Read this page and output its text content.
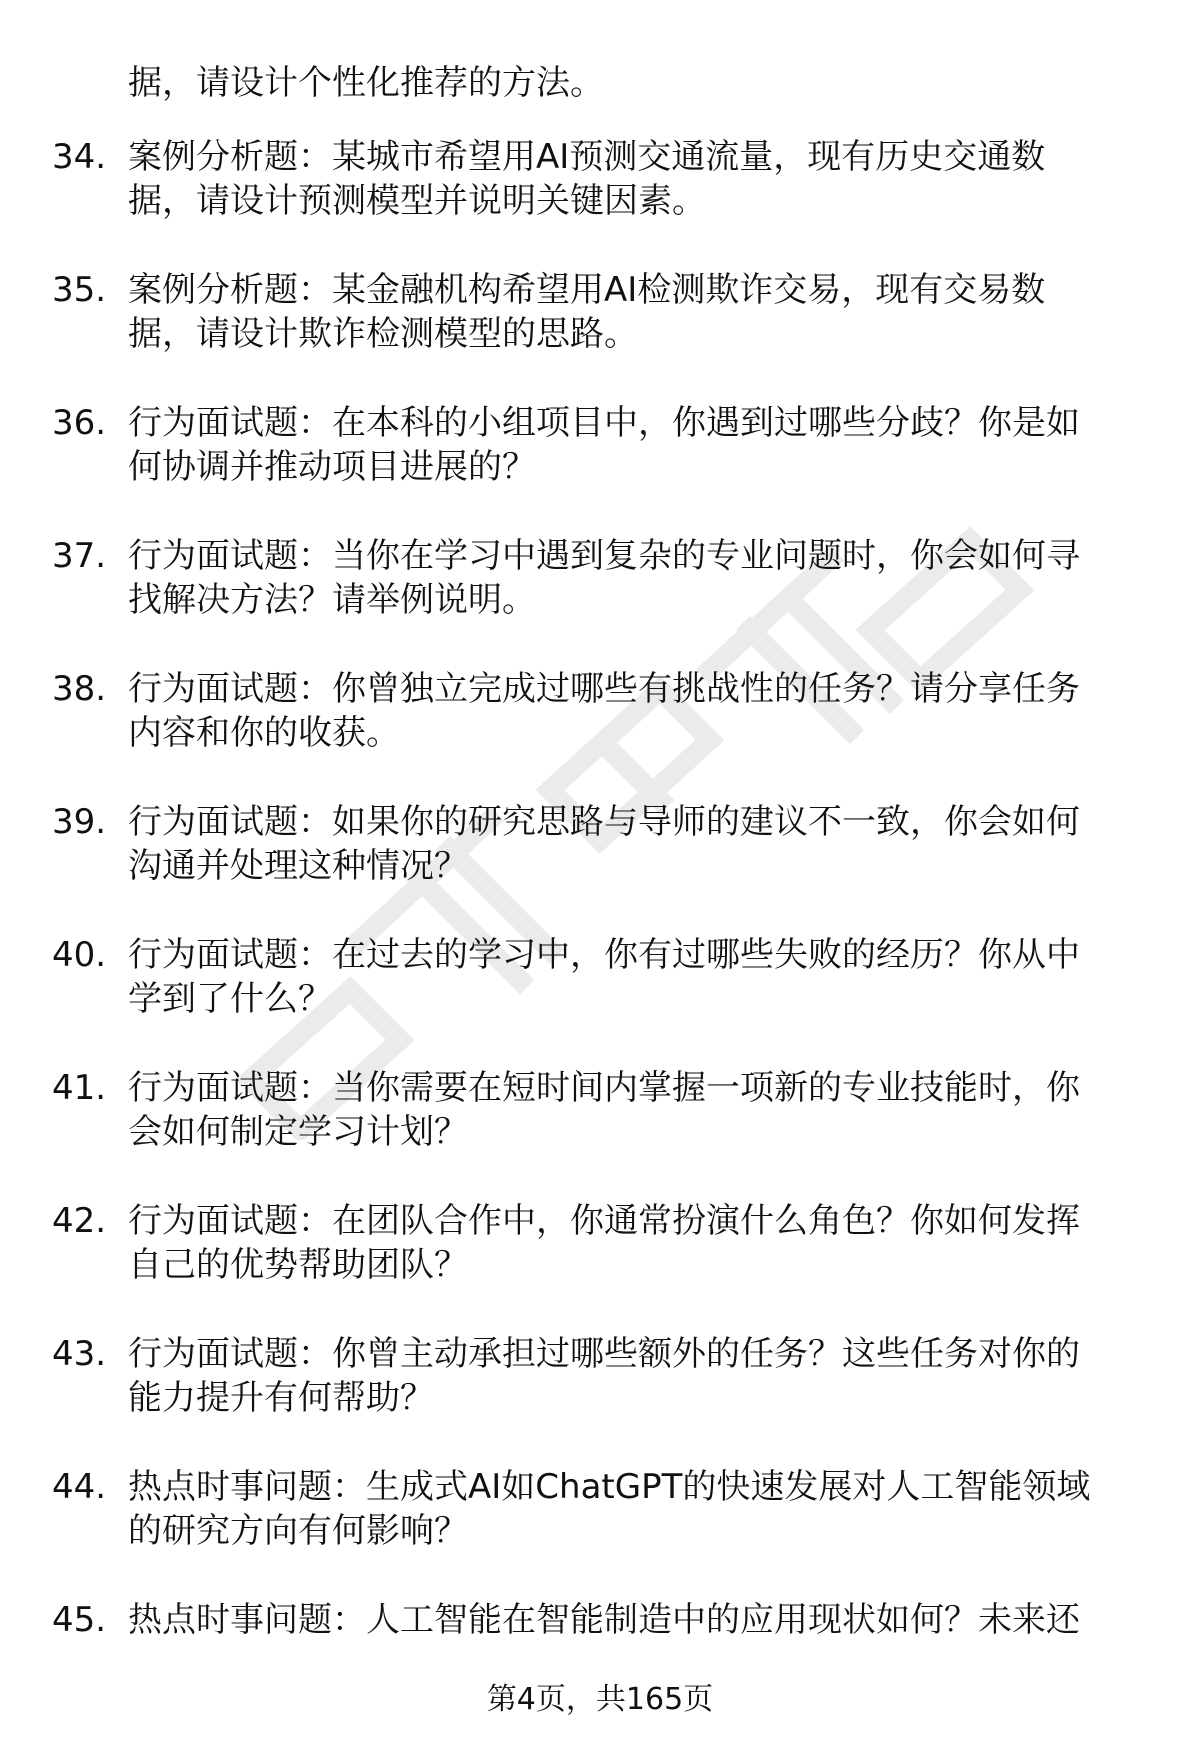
据，请设计个性化推荐的方法。
34. 案例分析题：某城市希望用AI预测交通流量，现有历史交通数
据，请设计预测模型并说明关键因素。
35. 案例分析题：某金融机构希望用AI检测欺诈交易，现有交易数
据，请设计欺诈检测模型的思路。
36. 行为面试题：在本科的小组项目中，你遇到过哪些分歧？你是如
何协调并推动项目进展的？
37. 行为面试题：当你在学习中遇到复杂的专业问题时，你会如何寻
找解决方法？请举例说明。
38. 行为面试题：你曾独立完成过哪些有挑战性的任务？请分享任务
内容和你的收获。
39. 行为面试题：如果你的研究思路与导师的建议不一致，你会如何
沟通并处理这种情况？
40. 行为面试题：在过去的学习中，你有过哪些失败的经历？你从中
学到了什么？
41. 行为面试题：当你需要在短时间内掌握一项新的专业技能时，你
会如何制定学习计划？
42. 行为面试题：在团队合作中，你通常扮演什么角色？你如何发挥
自己的优势帮助团队？
43. 行为面试题：你曾主动承担过哪些额外的任务？这些任务对你的
能力提升有何帮助？
44. 热点时事问题：生成式AI如ChatGPT的快速发展对人工智能领域
的研究方向有何影响？
45. 热点时事问题：人工智能在智能制造中的应用现状如何？未来还
第4页，共165页
